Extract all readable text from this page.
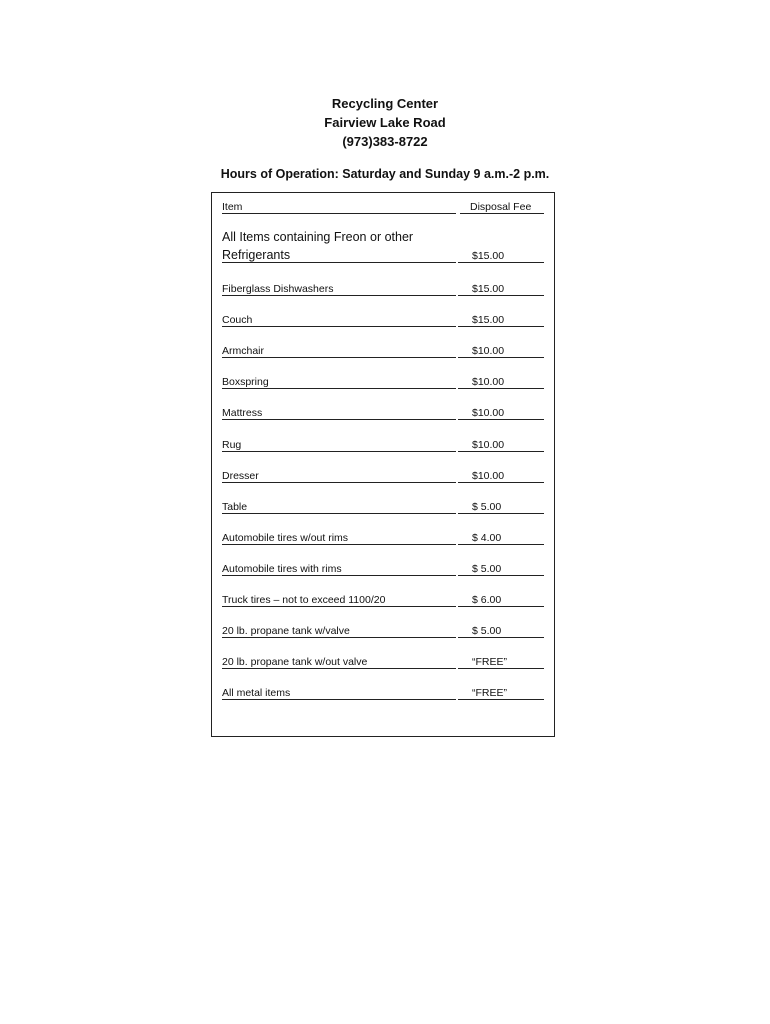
Recycling Center
Fairview Lake Road
(973)383-8722
Hours of Operation: Saturday and Sunday 9 a.m.-2 p.m.
Item	Disposal Fee
All Items containing Freon or other
Refrigerants	$15.00
Fiberglass Dishwashers	$15.00
Couch	$15.00
Armchair	$10.00
Boxspring	$10.00
Mattress	$10.00
Rug	$10.00
Dresser	$10.00
Table	$ 5.00
Automobile tires w/out rims	$ 4.00
Automobile tires with rims	$ 5.00
Truck tires – not to exceed 1100/20	$ 6.00
20 lb. propane tank w/valve	$ 5.00
20 lb. propane tank w/out valve	“FREE”
All metal items	“FREE”
